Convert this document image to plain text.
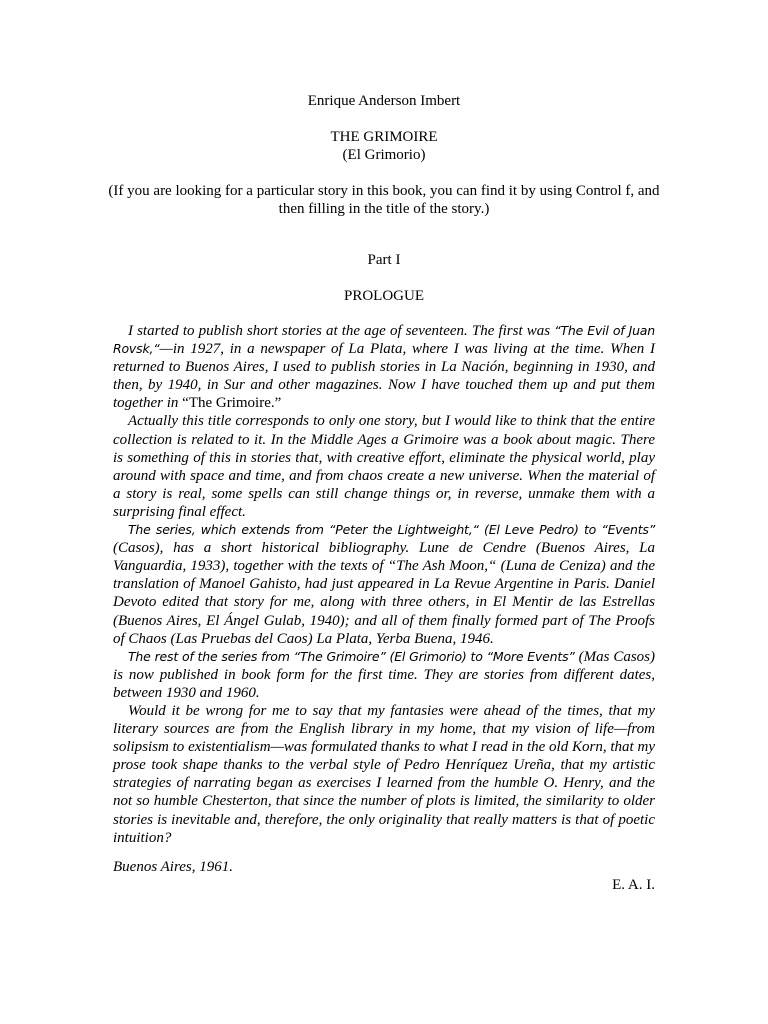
Enrique Anderson Imbert
THE GRIMOIRE
(El Grimorio)
(If you are looking for a particular story in this book, you can find it by using Control f, and then filling in the title of the story.)
Part I
PROLOGUE

I started to publish short stories at the age of seventeen. The first was “The Evil of Juan Rovsk,“—in 1927, in a newspaper of La Plata, where I was living at the time. When I returned to Buenos Aires, I used to publish stories in La Nación, beginning in 1930, and then, by 1940, in Sur and other magazines. Now I have touched them up and put them together in “The Grimoire.”

Actually this title corresponds to only one story, but I would like to think that the entire collection is related to it. In the Middle Ages a Grimoire was a book about magic. There is something of this in stories that, with creative effort, eliminate the physical world, play around with space and time, and from chaos create a new universe. When the material of a story is real, some spells can still change things or, in reverse, unmake them with a surprising final effect.

The series, which extends from “Peter the Lightweight,“ (El Leve Pedro) to “Events” (Casos), has a short historical bibliography. Lune de Cendre (Buenos Aires, La Vanguardia, 1933), together with the texts of “The Ash Moon,“ (Luna de Ceniza) and the translation of Manoel Gahisto, had just appeared in La Revue Argentine in Paris. Daniel Devoto edited that story for me, along with three others, in El Mentir de las Estrellas (Buenos Aires, El Ángel Gulab, 1940); and all of them finally formed part of The Proofs of Chaos (Las Pruebas del Caos) La Plata, Yerba Buena, 1946.

The rest of the series from “The Grimoire” (El Grimorio) to “More Events” (Mas Casos) is now published in book form for the first time. They are stories from different dates, between 1930 and 1960.

Would it be wrong for me to say that my fantasies were ahead of the times, that my literary sources are from the English library in my home, that my vision of life—from solipsism to existentialism—was formulated thanks to what I read in the old Korn, that my prose took shape thanks to the verbal style of Pedro Henríquez Ureña, that my artistic strategies of narrating began as exercises I learned from the humble O. Henry, and the not so humble Chesterton, that since the number of plots is limited, the similarity to older stories is inevitable and, therefore, the only originality that really matters is that of poetic intuition?

Buenos Aires, 1961.
E. A. I.
